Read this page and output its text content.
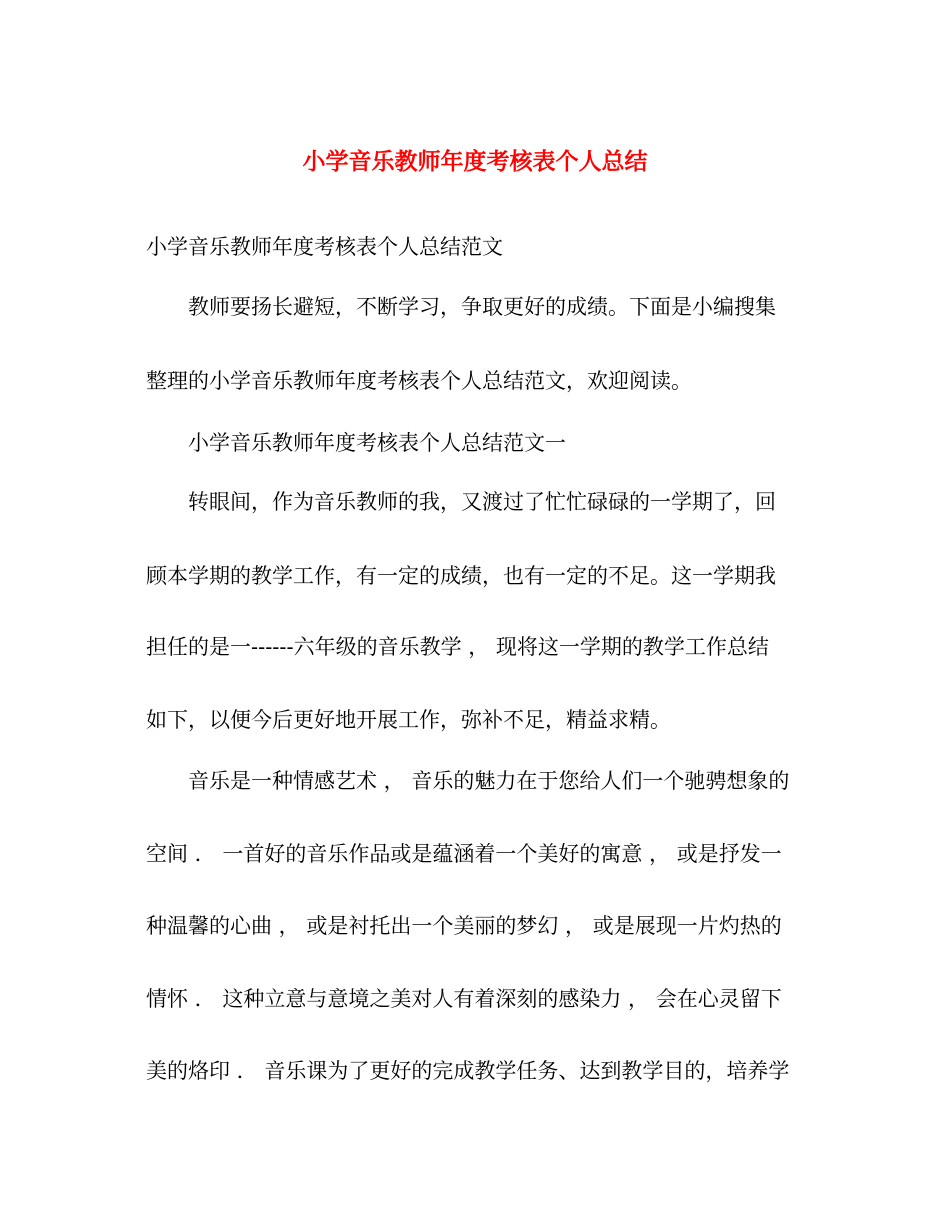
小学音乐教师年度考核表个人总结
小学音乐教师年度考核表个人总结范文
教师要扬长避短，不断学习，争取更好的成绩。下面是小编搜集
整理的小学音乐教师年度考核表个人总结范文，欢迎阅读。
小学音乐教师年度考核表个人总结范文一
转眼间，作为音乐教师的我，又渡过了忙忙碌碌的一学期了，回
顾本学期的教学工作，有一定的成绩，也有一定的不足。这一学期我
担任的是一------六年级的音乐教学 ， 现将这一学期的教学工作总结
如下，以便今后更好地开展工作，弥补不足，精益求精。
音乐是一种情感艺术 ， 音乐的魅力在于您给人们一个驰骋想象的
空间 ． 一首好的音乐作品或是蕴涵着一个美好的寓意 ， 或是抒发一
种温馨的心曲 ， 或是衬托出一个美丽的梦幻 ， 或是展现一片灼热的
情怀 ． 这种立意与意境之美对人有着深刻的感染力 ， 会在心灵留下
美的烙印 ． 音乐课为了更好的完成教学任务、达到教学目的，培养学
